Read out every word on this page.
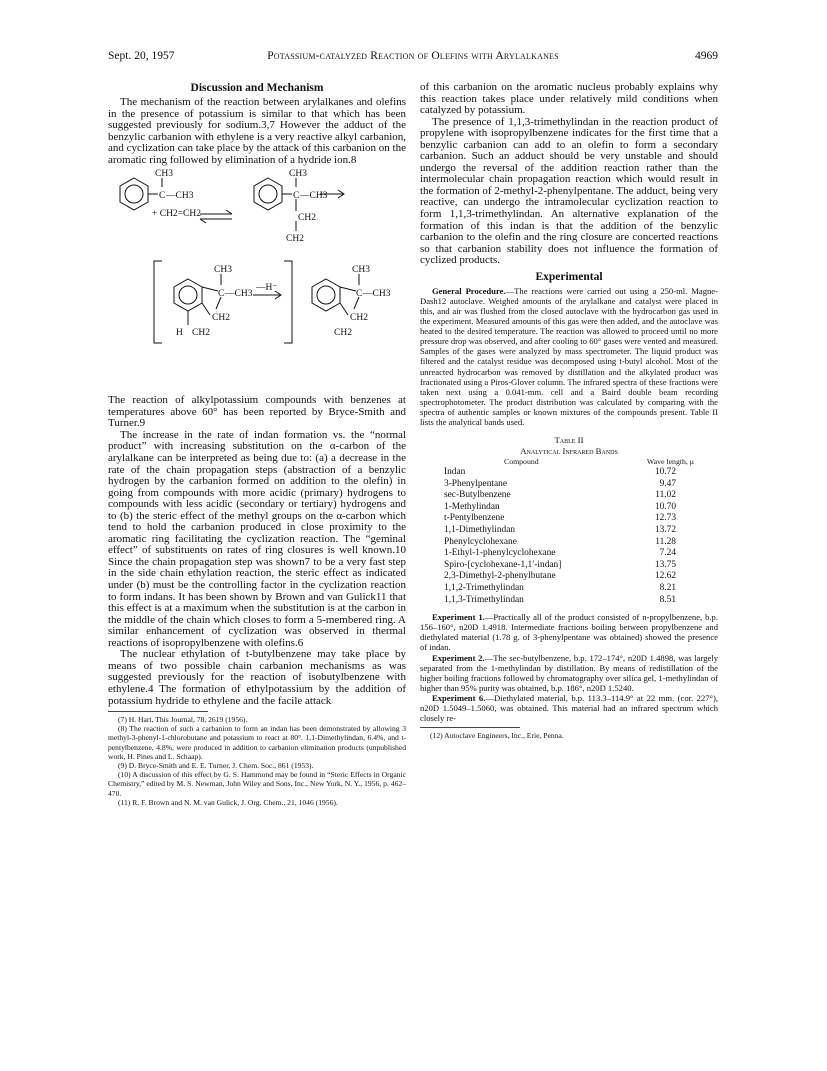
Sept. 20, 1957	Potassium-catalyzed Reaction of Olefins with Arylalkanes	4969
Discussion and Mechanism

The mechanism of the reaction between arylalkanes and olefins in the presence of potassium is similar to that which has been suggested previously for sodium.3,7 However the adduct of the benzylic carbanion with ethylene is a very reactive alkyl carbanion, and cyclization can take place by the attack of this carbanion on the aromatic ring followed by elimination of a hydride ion.8

CH3
C —CH3
+ CH2=CH2
CH3
C —CH3
CH2
CH2
CH3
C —CH3
CH2
H CH2
—H⁻
CH3
C —CH3
CH2
CH2

The reaction of alkylpotassium compounds with benzenes at temperatures above 60° has been reported by Bryce-Smith and Turner.9

The increase in the rate of indan formation vs. the “normal product” with increasing substitution on the α-carbon of the arylalkane can be interpreted as being due to: (a) a decrease in the rate of the chain propagation steps (abstraction of a benzylic hydrogen by the carbanion formed on addition to the olefin) in going from compounds with more acidic (primary) hydrogens to compounds with less acidic (secondary or tertiary) hydrogens and to (b) the steric effect of the methyl groups on the α-carbon which tend to hold the carbanion produced in close proximity to the aromatic ring facilitating the cyclization reaction. The “geminal effect” of substituents on rates of ring closures is well known.10 Since the chain propagation step was shown7 to be a very fast step in the side chain ethylation reaction, the steric effect as indicated under (b) must be the controlling factor in the cyclization reaction to form indans. It has been shown by Brown and van Gulick11 that this effect is at a maximum when the substitution is at the carbon in the middle of the chain which closes to form a 5-membered ring. A similar enhancement of cyclization was observed in thermal reactions of isopropylbenzene with olefins.6

The nuclear ethylation of t-butylbenzene may take place by means of two possible chain carbanion mechanisms as was suggested previously for the reaction of isobutylbenzene with ethylene.4 The formation of ethylpotassium by the addition of potassium hydride to ethylene and the facile attack

(7) H. Hart, This Journal, 78, 2619 (1956).

(8) The reaction of such a carbanion to form an indan has been demonstrated by allowing 3 methyl-3-phenyl-1-chlorobutane and potassium to react at 80°. 1,1-Dimethylindan, 6.4%, and t-pentylbenzene, 4.8%, were produced in addition to carbanion elimination products (unpublished work, H. Pines and L. Schaap).

(9) D. Bryce-Smith and E. E. Turner, J. Chem. Soc., 861 (1953).

(10) A discussion of this effect by G. S. Hammond may be found in “Steric Effects in Organic Chemistry,” edited by M. S. Newman, John Wiley and Sons, Inc., New York, N. Y., 1956, p. 462–470.

(11) R. F. Brown and N. M. van Gulick, J. Org. Chem., 21, 1046 (1956).

of this carbanion on the aromatic nucleus probably explains why this reaction takes place under relatively mild conditions when catalyzed by potassium.

The presence of 1,1,3-trimethylindan in the reaction product of propylene with isopropylbenzene indicates for the first time that a benzylic carbanion can add to an olefin to form a secondary carbanion. Such an adduct should be very unstable and should undergo the reversal of the addition reaction rather than the intermolecular chain propagation reaction which would result in the formation of 2-methyl-2-phenylpentane. The adduct, being very reactive, can undergo the intramolecular cyclization reaction to form 1,1,3-trimethylindan. An alternative explanation of the formation of this indan is that the addition of the benzylic carbanion to the olefin and the ring closure are concerted reactions so that carbanion stability does not influence the formation of cyclized products.

Experimental

General Procedure.—The reactions were carried out using a 250-ml. Magne-Dash12 autoclave. Weighed amounts of the arylalkane and catalyst were placed in this, and air was flushed from the closed autoclave with the hydrocarbon gas used in the experiment. Measured amounts of this gas were then added, and the autoclave was heated to the desired temperature. The reaction was allowed to proceed until no more pressure drop was observed, and after cooling to 60° gases were vented and measured. Samples of the gases were analyzed by mass spectrometer. The liquid product was filtered and the catalyst residue was decomposed using t-butyl alcohol. Most of the unreacted hydrocarbon was removed by distillation and the alkylated product was fractionated using a Piros-Glover column. The infrared spectra of these fractions were taken next using a 0.041-mm. cell and a Baird double beam recording spectrophotometer. The product distribution was calculated by comparing with the spectra of authentic samples or known mixtures of the compounds present. Table II lists the analytical bands used.

Table II
Analytical Infrared Bands
Compound	Wave length, μ
Indan	10.72
3-Phenylpentane	9.47
sec-Butylbenzene	11.02
1-Methylindan	10.70
t-Pentylbenzene	12.73
1,1-Dimethylindan	13.72
Phenylcyclohexane	11.28
1-Ethyl-1-phenylcyclohexane	7.24
Spiro-[cyclohexane-1,1′-indan]	13.75
2,3-Dimethyl-2-phenylbutane	12.62
1,1,2-Trimethylindan	8.21
1,1,3-Trimethylindan	8.51

Experiment 1.—Practically all of the product consisted of n-propylbenzene, b.p. 156–160°, n20D 1.4918. Intermediate fractions boiling between propylbenzene and diethylated material (1.78 g. of 3-phenylpentane was obtained) showed the presence of indan.

Experiment 2.—The sec-butylbenzene, b.p. 172–174°, n20D 1.4898, was largely separated from the 1-methylindan by distillation. By means of redistillation of the higher boiling fractions followed by chromatography over silica gel, 1-methylindan of higher than 95% purity was obtained, b.p. 186°, n20D 1.5240.

Experiment 6.—Diethylated material, b.p. 113.3–114.9° at 22 mm. (cor. 227°), n20D 1.5049–1.5060, was obtained. This material had an infrared spectrum which closely re-

(12) Autoclave Engineers, Inc., Erie, Penna.
